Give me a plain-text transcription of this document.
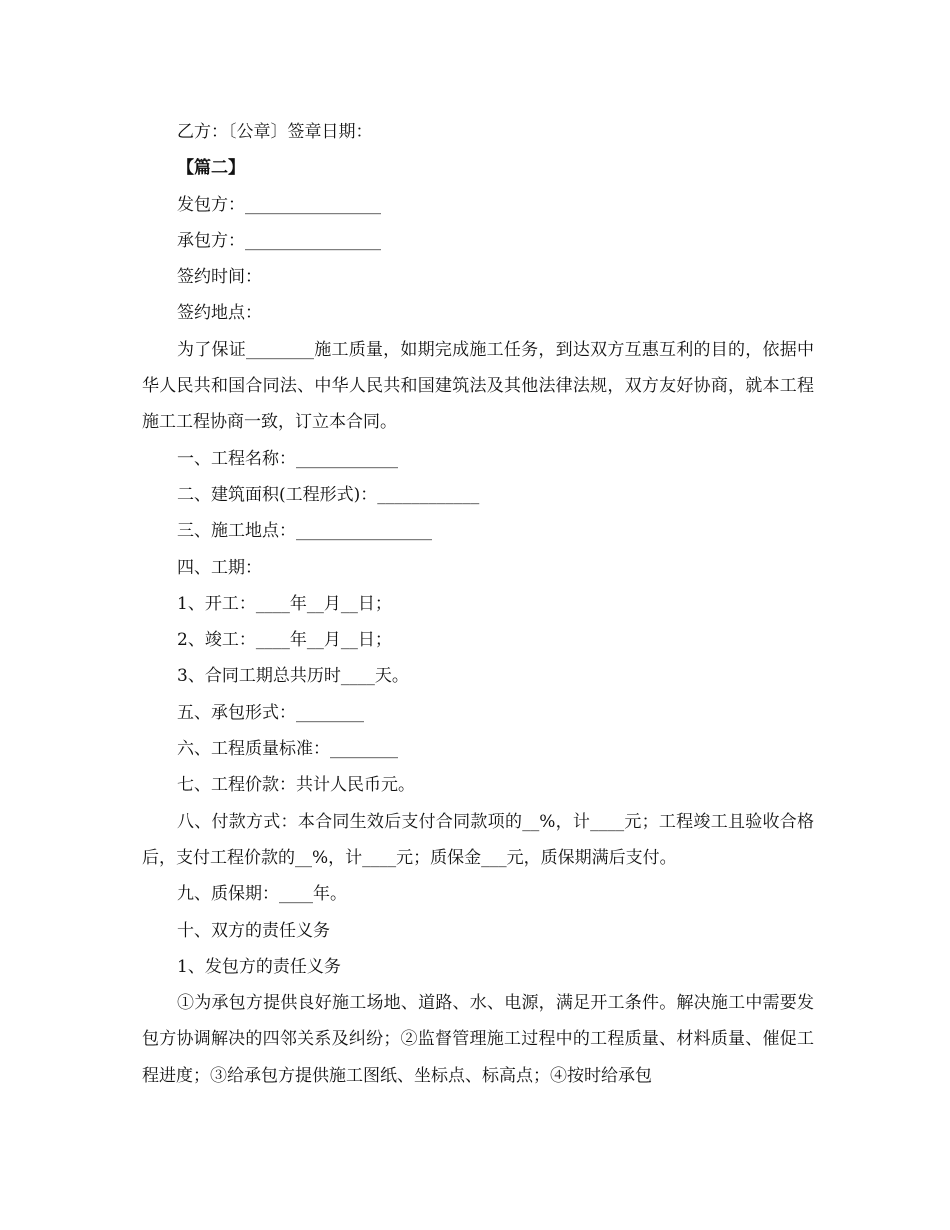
乙方：〔公章〕签章日期：
【篇二】
发包方：________________
承包方：________________
签约时间：
签约地点：

为了保证________施工质量，如期完成施工任务，到达双方互惠互利的目的，依据中华人民共和国合同法、中华人民共和国建筑法及其他法律法规，双方友好协商，就本工程施工工程协商一致，订立本合同。

一、工程名称：____________
二、建筑面积(工程形式)：____________
三、施工地点：________________
四、工期：
1、开工：____年__月__日；
2、竣工：____年__月__日；
3、合同工期总共历时____天。
五、承包形式：________
六、工程质量标准：________
七、工程价款：共计人民币元。

八、付款方式：本合同生效后支付合同款项的__%，计____元；工程竣工且验收合格后，支付工程价款的__%，计____元；质保金___元，质保期满后支付。

九、质保期：____年。
十、双方的责任义务
1、发包方的责任义务

①为承包方提供良好施工场地、道路、水、电源，满足开工条件。解决施工中需要发包方协调解决的四邻关系及纠纷；②监督管理施工过程中的工程质量、材料质量、催促工程进度；③给承包方提供施工图纸、坐标点、标高点；④按时给承包
